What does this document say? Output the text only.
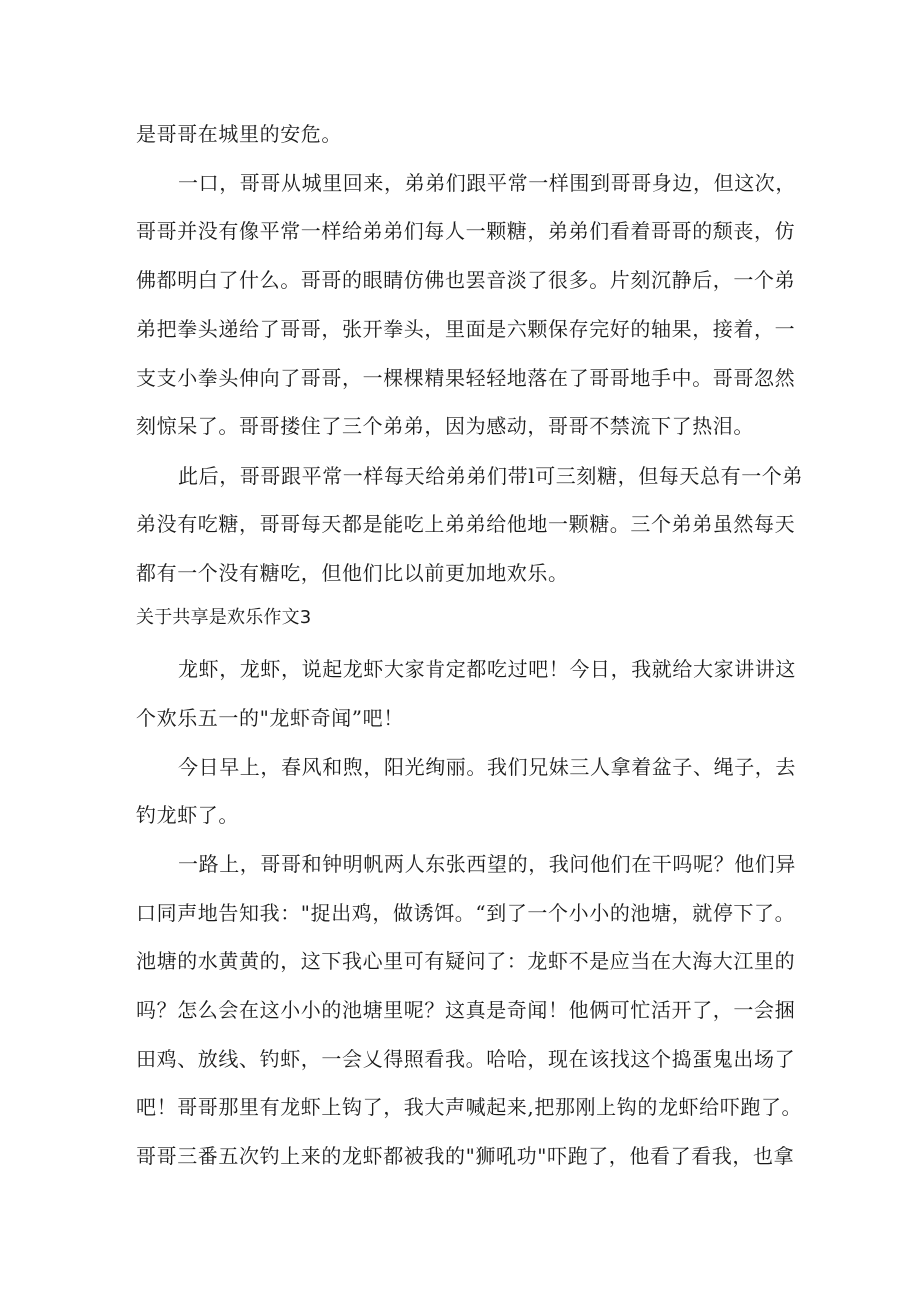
是哥哥在城里的安危。
一口，哥哥从城里回来，弟弟们跟平常一样围到哥哥身边，但这次，
哥哥并没有像平常一样给弟弟们每人一颗糖，弟弟们看着哥哥的颓丧，仿
佛都明白了什么。哥哥的眼睛仿佛也罢音淡了很多。片刻沉静后，一个弟
弟把拳头递给了哥哥，张开拳头，里面是六颗保存完好的轴果，接着，一
支支小拳头伸向了哥哥，一棵棵精果轻轻地落在了哥哥地手中。哥哥忽然
刻惊呆了。哥哥搂住了三个弟弟，因为感动，哥哥不禁流下了热泪。
此后，哥哥跟平常一样每天给弟弟们带l可三刻糖，但每天总有一个弟
弟没有吃糖，哥哥每天都是能吃上弟弟给他地一颗糖。三个弟弟虽然每天
都有一个没有糖吃，但他们比以前更加地欢乐。
关于共享是欢乐作文3
龙虾，龙虾，说起龙虾大家肯定都吃过吧！今日，我就给大家讲讲这
个欢乐五一的"龙虾奇闻”吧！
今日早上，春风和煦，阳光绚丽。我们兄妹三人拿着盆子、绳子，去
钓龙虾了。
一路上，哥哥和钟明帆两人东张西望的，我问他们在干吗呢？他们异
口同声地告知我："捉出鸡，做诱饵。“到了一个小小的池塘，就停下了。
池塘的水黄黄的，这下我心里可有疑问了：龙虾不是应当在大海大江里的
吗？怎么会在这小小的池塘里呢？这真是奇闻！他俩可忙活开了，一会捆
田鸡、放线、钓虾，一会乂得照看我。哈哈，现在该找这个捣蛋鬼出场了
吧！哥哥那里有龙虾上钩了，我大声喊起来,把那刚上钩的龙虾给吓跑了。
哥哥三番五次钓上来的龙虾都被我的"狮吼功"吓跑了，他看了看我，也拿
